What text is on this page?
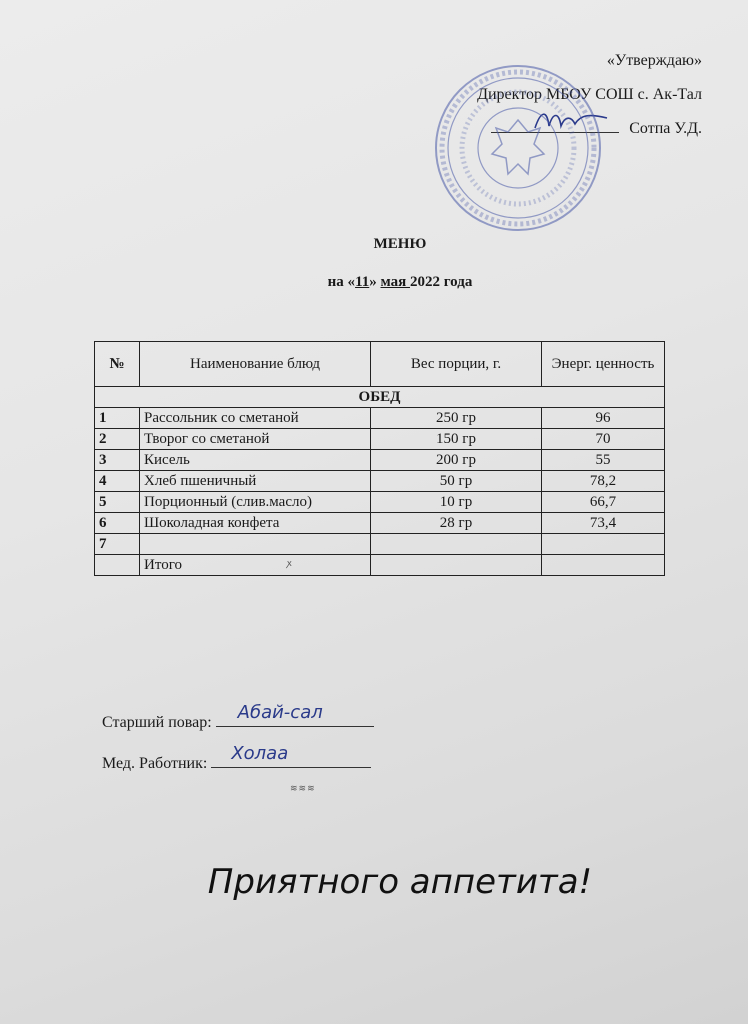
«Утверждаю»
Директор МБОУ СОШ с. Ак-Тал
Сотпа У.Д.
МЕНЮ
на «11» мая 2022 года
№	Наименование блюд	Вес порции, г.	Энерг. ценность
ОБЕД			
1	Рассольник со сметаной	250 гр	96
2	Творог со сметаной	150 гр	70
3	Кисель	200 гр	55
4	Хлеб пшеничный	50 гр	78,2
5	Порционный (слив.масло)	10 гр	66,7
6	Шоколадная конфета	28 гр	73,4
7			
	Итого			ꭗ
Старший повар: Абай-сал
Мед. Работник: Холаа
≋≋≋
Приятного аппетита!
